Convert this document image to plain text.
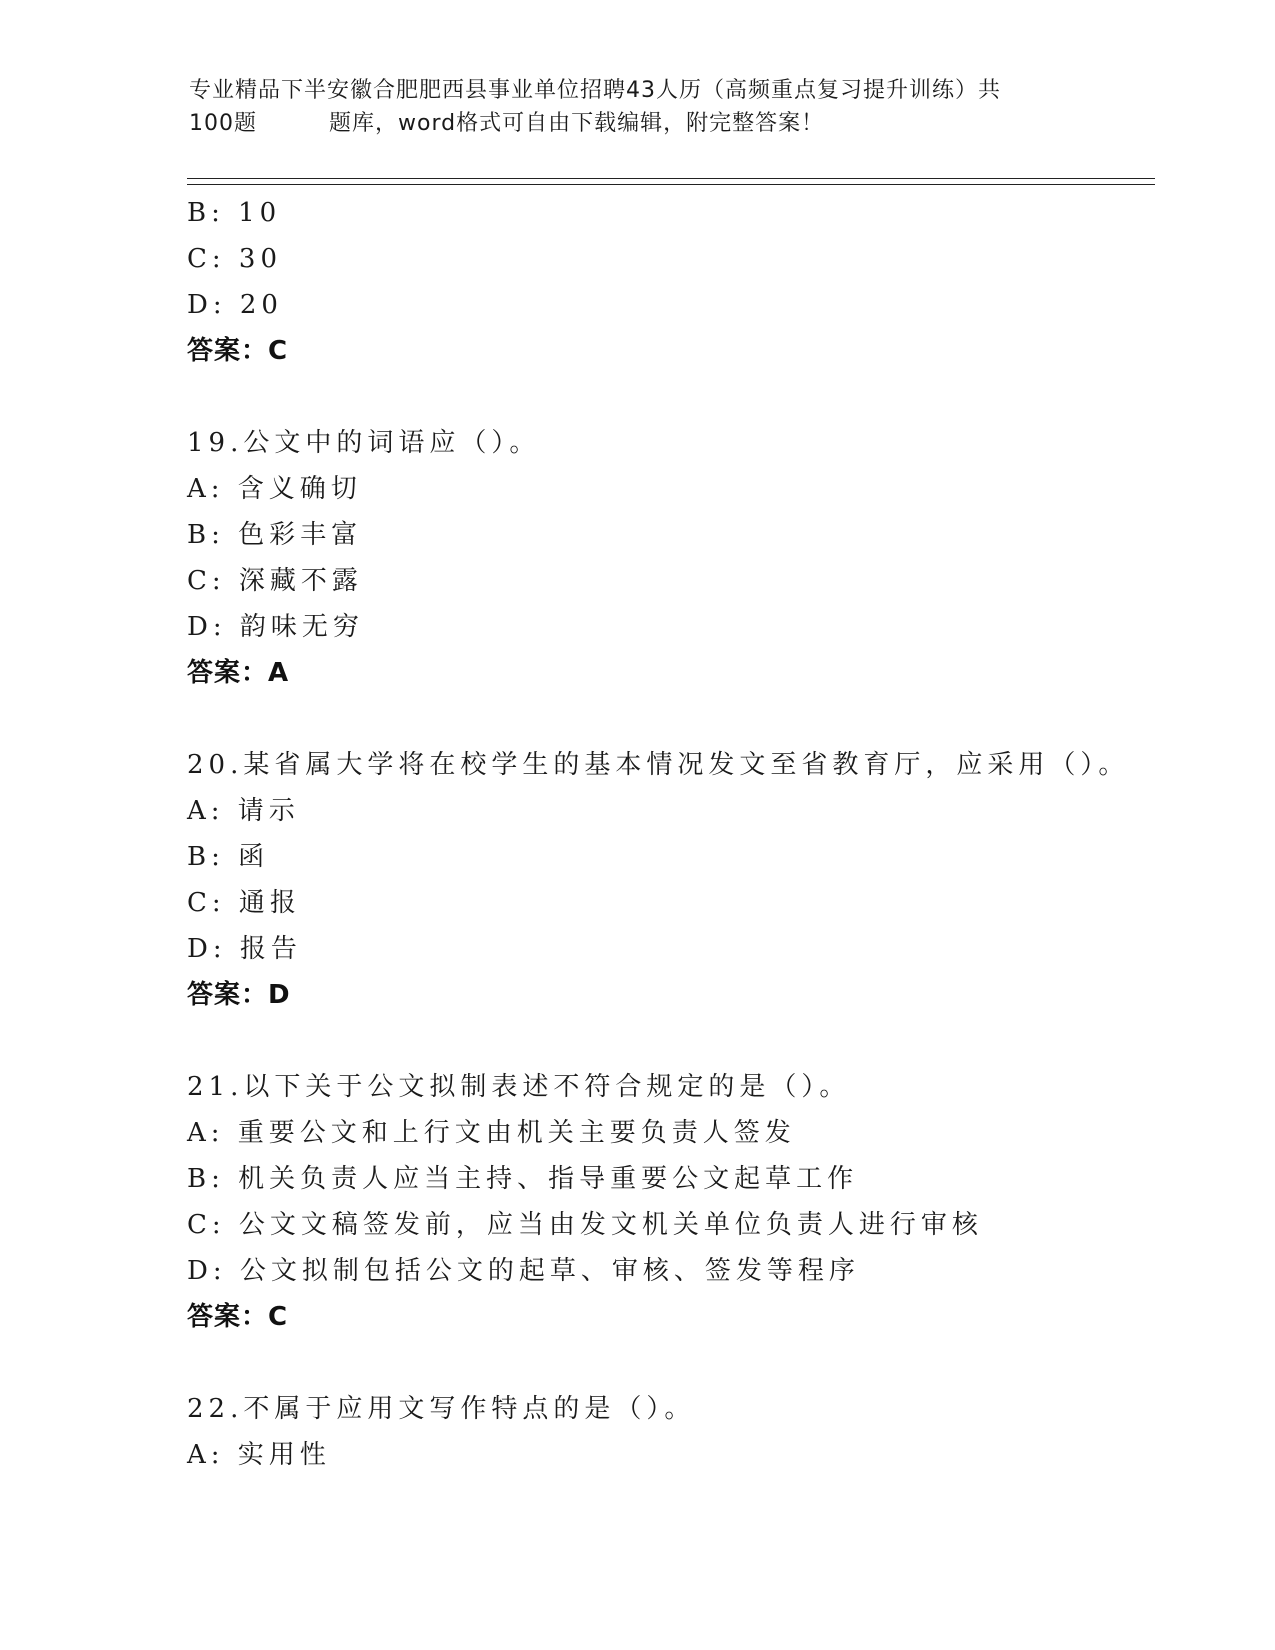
专业精品下半安徽合肥肥西县事业单位招聘43人历（高频重点复习提升训练）共
100题	题库，word格式可自由下载编辑，附完整答案！
B: 10
C: 30
D: 20
答案：C
19.公文中的词语应（）。
A: 含义确切
B: 色彩丰富
C: 深藏不露
D: 韵味无穷
答案：A
20.某省属大学将在校学生的基本情况发文至省教育厅，应采用（）。
A: 请示
B: 函
C: 通报
D: 报告
答案：D
21.以下关于公文拟制表述不符合规定的是（）。
A: 重要公文和上行文由机关主要负责人签发
B: 机关负责人应当主持、指导重要公文起草工作
C: 公文文稿签发前，应当由发文机关单位负责人进行审核
D: 公文拟制包括公文的起草、审核、签发等程序
答案：C
22.不属于应用文写作特点的是（）。
A: 实用性
